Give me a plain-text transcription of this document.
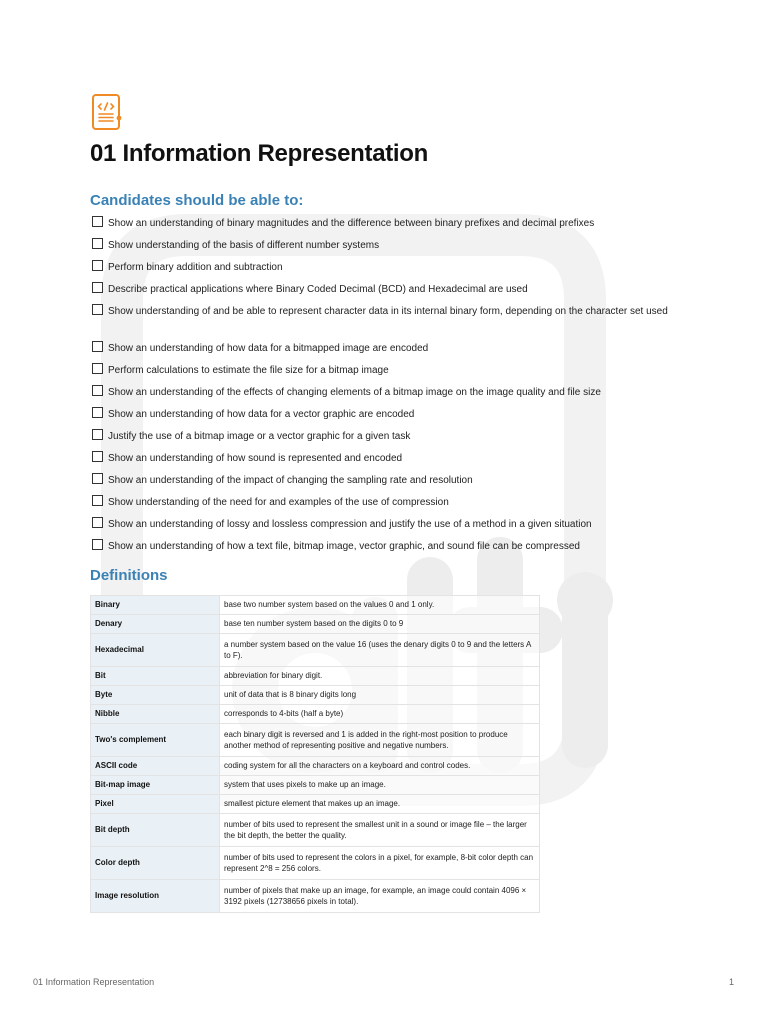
01 Information Representation
Candidates should be able to:
Show an understanding of binary magnitudes and the difference between binary prefixes and decimal prefixes
Show understanding of the basis of different number systems
Perform binary addition and subtraction
Describe practical applications where Binary Coded Decimal (BCD) and Hexadecimal are used
Show understanding of and be able to represent character data in its internal binary form, depending on the character set used
Show an understanding of how data for a bitmapped image are encoded
Perform calculations to estimate the file size for a bitmap image
Show an understanding of the effects of changing elements of a bitmap image on the image quality and file size
Show an understanding of how data for a vector graphic are encoded
Justify the use of a bitmap image or a vector graphic for a given task
Show an understanding of how sound is represented and encoded
Show an understanding of the impact of changing the sampling rate and resolution
Show understanding of the need for and examples of the use of compression
Show an understanding of lossy and lossless compression and justify the use of a method in a given situation
Show an understanding of how a text file, bitmap image, vector graphic, and sound file can be compressed
Definitions
Binary	base two number system based on the values 0 and 1 only.
Denary	base ten number system based on the digits 0 to 9
Hexadecimal	a number system based on the value 16 (uses the denary digits 0 to 9 and the letters A to F).
Bit	abbreviation for binary digit.
Byte	unit of data that is 8 binary digits long
Nibble	corresponds to 4-bits (half a byte)
Two's complement	each binary digit is reversed and 1 is added in the right-most position to produce another method of representing positive and negative numbers.
ASCII code	coding system for all the characters on a keyboard and control codes.
Bit-map image	system that uses pixels to make up an image.
Pixel	smallest picture element that makes up an image.
Bit depth	number of bits used to represent the smallest unit in a sound or image file – the larger the bit depth, the better the quality.
Color depth	number of bits used to represent the colors in a pixel, for example, 8-bit color depth can represent 2^8 = 256 colors.
Image resolution	number of pixels that make up an image, for example, an image could contain 4096 × 3192 pixels (12738656 pixels in total).
01 Information Representation	1
